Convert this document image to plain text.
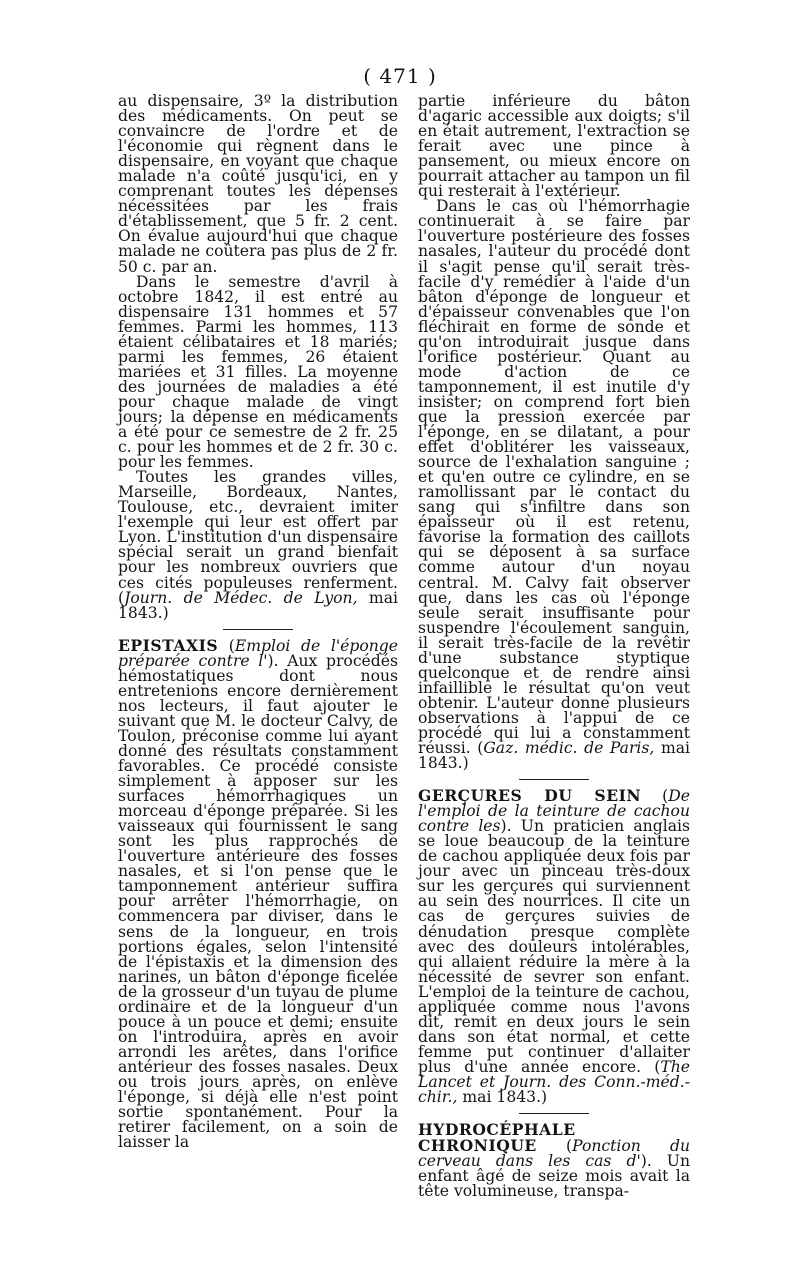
( 471 )

au dispensaire, 3º la distribution des médicaments. On peut se convaincre de l'ordre et de l'économie qui règnent dans le dispensaire, en voyant que chaque malade n'a coûté jusqu'ici, en y comprenant toutes les dépenses nécessitées par les frais d'établissement, que 5 fr. 2 cent. On évalue aujourd'hui que chaque malade ne coûtera pas plus de 2 fr. 50 c. par an.

Dans le semestre d'avril à octobre 1842, il est entré au dispensaire 131 hommes et 57 femmes. Parmi les hommes, 113 étaient célibataires et 18 mariés; parmi les femmes, 26 étaient mariées et 31 filles. La moyenne des journées de maladies a été pour chaque malade de vingt jours; la dépense en médicaments a été pour ce semestre de 2 fr. 25 c. pour les hommes et de 2 fr. 30 c. pour les femmes.

Toutes les grandes villes, Marseille, Bordeaux, Nantes, Toulouse, etc., devraient imiter l'exemple qui leur est offert par Lyon. L'institution d'un dispensaire spécial serait un grand bienfait pour les nombreux ouvriers que ces cités populeuses renferment. (Journ. de Médec. de Lyon, mai 1843.)

EPISTAXIS (Emploi de l'éponge préparée contre l'). Aux procédés hémostatiques dont nous entretenions encore dernièrement nos lecteurs, il faut ajouter le suivant que M. le docteur Calvy, de Toulon, préconise comme lui ayant donné des résultats constamment favorables. Ce procédé consiste simplement à apposer sur les surfaces hémorrhagiques un morceau d'éponge préparée. Si les vaisseaux qui fournissent le sang sont les plus rapprochés de l'ouverture antérieure des fosses nasales, et si l'on pense que le tamponnement antérieur suffira pour arrêter l'hémorrhagie, on commencera par diviser, dans le sens de la longueur, en trois portions égales, selon l'intensité de l'épistaxis et la dimension des narines, un bâton d'éponge ficelée de la grosseur d'un tuyau de plume ordinaire et de la longueur d'un pouce à un pouce et demi; ensuite on l'introduira, après en avoir arrondi les arêtes, dans l'orifice antérieur des fosses nasales. Deux ou trois jours après, on enlève l'éponge, si déjà elle n'est point sortie spontanément. Pour la retirer facilement, on a soin de laisser la

partie inférieure du bâton d'agaric accessible aux doigts; s'il en était autrement, l'extraction se ferait avec une pince à pansement, ou mieux encore on pourrait attacher au tampon un fil qui resterait à l'extérieur.

Dans le cas où l'hémorrhagie continuerait à se faire par l'ouverture postérieure des fosses nasales, l'auteur du procédé dont il s'agit pense qu'il serait très-facile d'y remédier à l'aide d'un bâton d'éponge de longueur et d'épaisseur convenables que l'on fléchirait en forme de sonde et qu'on introduirait jusque dans l'orifice postérieur. Quant au mode d'action de ce tamponnement, il est inutile d'y insister; on comprend fort bien que la pression exercée par l'éponge, en se dilatant, a pour effet d'oblitérer les vaisseaux, source de l'exhalation sanguine ; et qu'en outre ce cylindre, en se ramollissant par le contact du sang qui s'infiltre dans son épaisseur où il est retenu, favorise la formation des caillots qui se déposent à sa surface comme autour d'un noyau central. M. Calvy fait observer que, dans les cas où l'éponge seule serait insuffisante pour suspendre l'écoulement sanguin, il serait très-facile de la revêtir d'une substance styptique quelconque et de rendre ainsi infaillible le résultat qu'on veut obtenir. L'auteur donne plusieurs observations à l'appui de ce procédé qui lui a constamment réussi. (Gaz. médic. de Paris, mai 1843.)

GERÇURES DU SEIN (De l'emploi de la teinture de cachou contre les). Un praticien anglais se loue beaucoup de la teinture de cachou appliquée deux fois par jour avec un pinceau très-doux sur les gerçures qui surviennent au sein des nourrices. Il cite un cas de gerçures suivies de dénudation presque complète avec des douleurs intolérables, qui allaient réduire la mère à la nécessité de sevrer son enfant. L'emploi de la teinture de cachou, appliquée comme nous l'avons dit, remit en deux jours le sein dans son état normal, et cette femme put continuer d'allaiter plus d'une année encore. (The Lancet et Journ. des Conn.-méd.-chir., mai 1843.)

HYDROCÉPHALE CHRONIQUE (Ponction du cerveau dans les cas d'). Un enfant âgé de seize mois avait la tête volumineuse, transpa-
